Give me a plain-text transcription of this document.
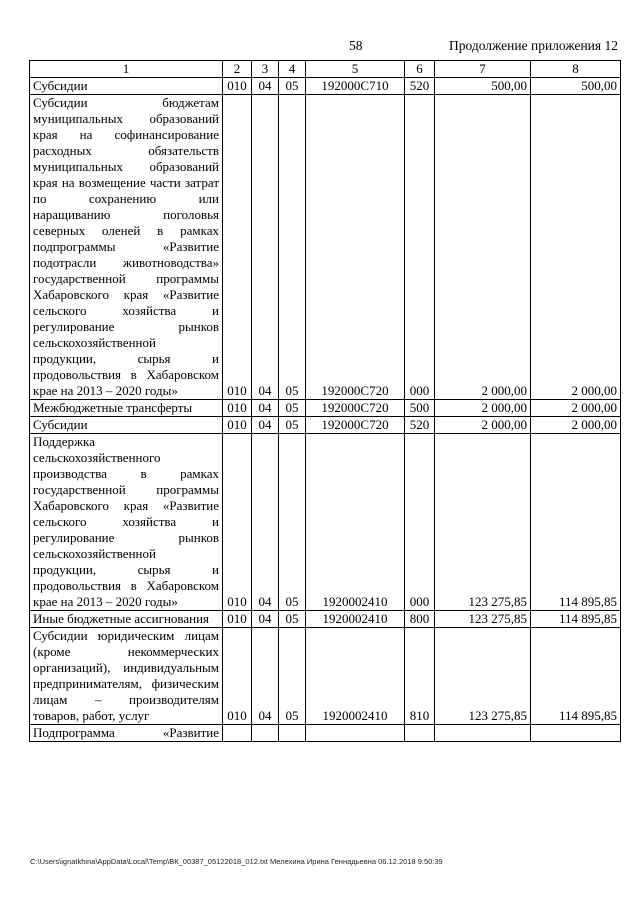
58	Продолжение приложения 12
1	2	3	4	5	6	7	8
Субсидии	010	04	05	192000С710	520	500,00	500,00
Субсидии бюджетам муниципальных образований края на софинансирование расходных обязательств муниципальных образований края на возмещение части затрат по сохранению или наращиванию поголовья северных оленей в рамках подпрограммы «Развитие подотрасли животноводства» государственной программы Хабаровского края «Развитие сельского хозяйства и регулирование рынков сельскохозяйственной продукции, сырья и продовольствия в Хабаровском крае на 2013 – 2020 годы»	010	04	05	192000С720	000	2 000,00	2 000,00
Межбюджетные трансферты	010	04	05	192000С720	500	2 000,00	2 000,00
Субсидии	010	04	05	192000С720	520	2 000,00	2 000,00
Поддержка сельскохозяйственного производства в рамках государственной программы Хабаровского края «Развитие сельского хозяйства и регулирование рынков сельскохозяйственной продукции, сырья и продовольствия в Хабаровском крае на 2013 – 2020 годы»	010	04	05	1920002410	000	123 275,85	114 895,85
Иные бюджетные ассигнования	010	04	05	1920002410	800	123 275,85	114 895,85
Субсидии юридическим лицам (кроме некоммерческих организаций), индивидуальным предпринимателям, физическим лицам – производителям товаров, работ, услуг	010	04	05	1920002410	810	123 275,85	114 895,85
Подпрограмма «Развитие							
C:\Users\ignatkhina\AppData\Local\Temp\ВК_00387_05122018_012.txt Мелехина Ирина Геннадьевна 06.12.2018 9:50:39
